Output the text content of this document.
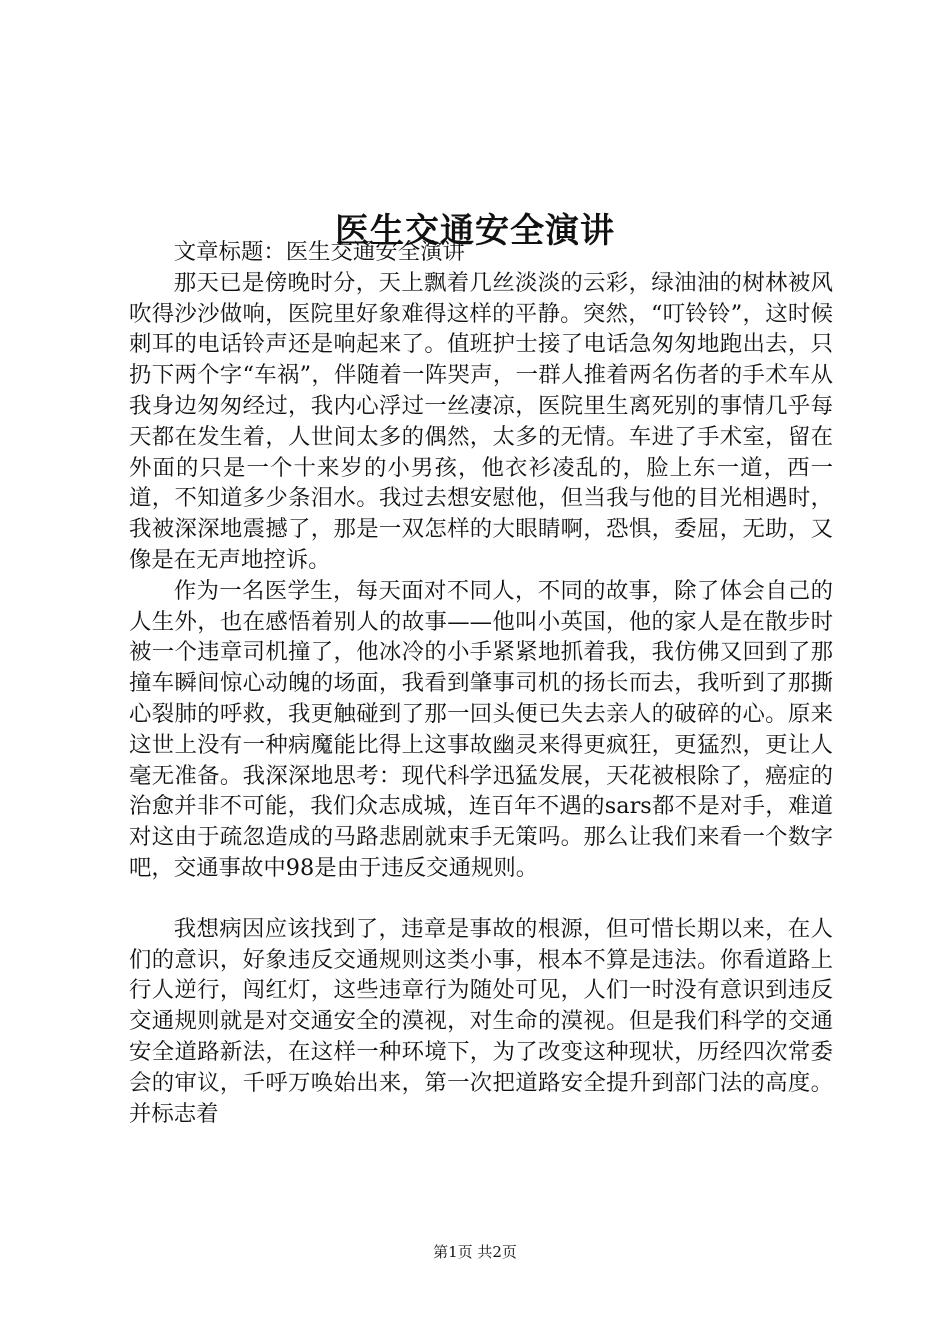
医生交通安全演讲

文章标题：医生交通安全演讲

那天已是傍晚时分，天上飘着几丝淡淡的云彩，绿油油的树林被风吹得沙沙做响，医院里好象难得这样的平静。突然，“叮铃铃”，这时候刺耳的电话铃声还是响起来了。值班护士接了电话急匆匆地跑出去，只扔下两个字“车祸”，伴随着一阵哭声，一群人推着两名伤者的手术车从我身边匆匆经过，我内心浮过一丝凄凉，医院里生离死别的事情几乎每天都在发生着，人世间太多的偶然，太多的无情。车进了手术室，留在外面的只是一个十来岁的小男孩，他衣衫凌乱的，脸上东一道，西一道，不知道多少条泪水。我过去想安慰他，但当我与他的目光相遇时，我被深深地震撼了，那是一双怎样的大眼睛啊，恐惧，委屈，无助，又像是在无声地控诉。

作为一名医学生，每天面对不同人，不同的故事，除了体会自己的人生外，也在感悟着别人的故事——他叫小英国，他的家人是在散步时被一个违章司机撞了，他冰冷的小手紧紧地抓着我，我仿佛又回到了那撞车瞬间惊心动魄的场面，我看到肇事司机的扬长而去，我听到了那撕心裂肺的呼救，我更触碰到了那一回头便已失去亲人的破碎的心。原来这世上没有一种病魔能比得上这事故幽灵来得更疯狂，更猛烈，更让人毫无准备。我深深地思考：现代科学迅猛发展，天花被根除了，癌症的治愈并非不可能，我们众志成城，连百年不遇的sars都不是对手，难道对这由于疏忽造成的马路悲剧就束手无策吗。那么让我们来看一个数字吧，交通事故中98是由于违反交通规则。

我想病因应该找到了，违章是事故的根源，但可惜长期以来，在人们的意识，好象违反交通规则这类小事，根本不算是违法。你看道路上行人逆行，闯红灯，这些违章行为随处可见，人们一时没有意识到违反交通规则就是对交通安全的漠视，对生命的漠视。但是我们科学的交通安全道路新法，在这样一种环境下，为了改变这种现状，历经四次常委会的审议，千呼万唤始出来，第一次把道路安全提升到部门法的高度。并标志着

第1页 共2页
